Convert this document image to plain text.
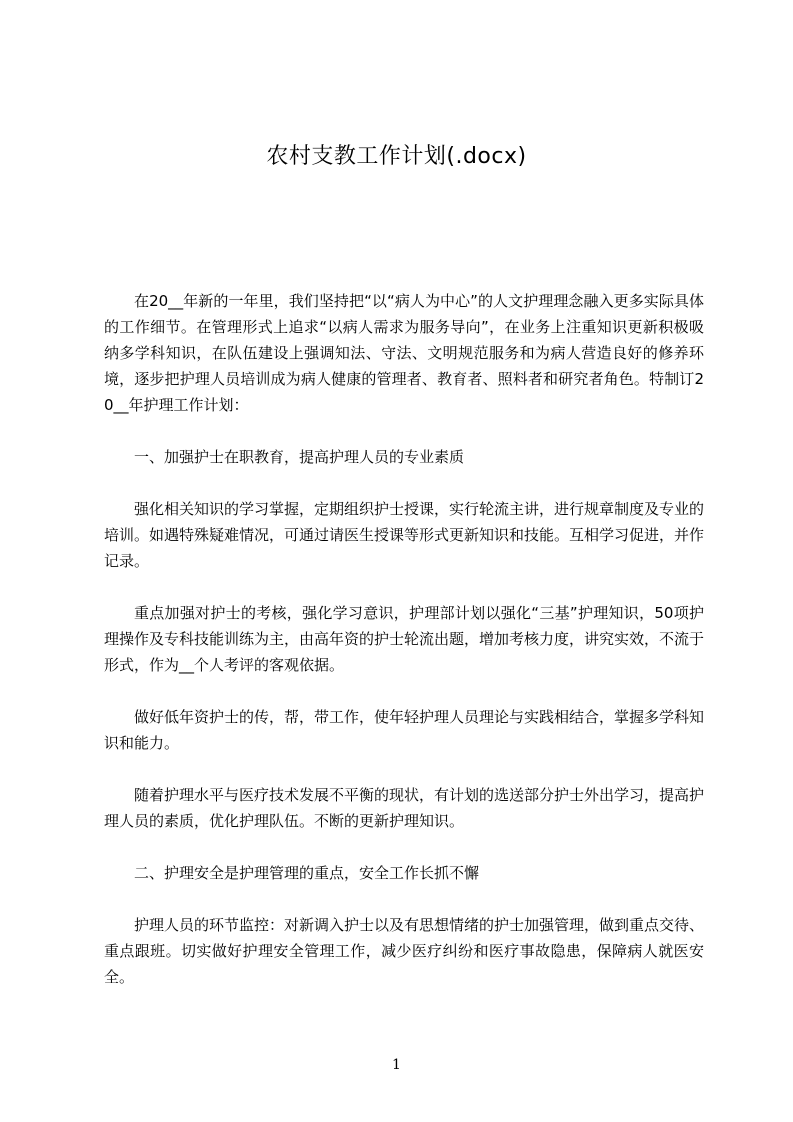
农村支教工作计划(.docx)

在20__年新的一年里，我们坚持把“以“病人为中心”的人文护理理念融入更多实际具体的工作细节。在管理形式上追求“以病人需求为服务导向”，在业务上注重知识更新积极吸纳多学科知识，在队伍建设上强调知法、守法、文明规范服务和为病人营造良好的修养环境，逐步把护理人员培训成为病人健康的管理者、教育者、照料者和研究者角色。特制订20__年护理工作计划：

一、加强护士在职教育，提高护理人员的专业素质

强化相关知识的学习掌握，定期组织护士授课，实行轮流主讲，进行规章制度及专业的培训。如遇特殊疑难情况，可通过请医生授课等形式更新知识和技能。互相学习促进，并作记录。

重点加强对护士的考核，强化学习意识，护理部计划以强化“三基”护理知识，50项护理操作及专科技能训练为主，由高年资的护士轮流出题，增加考核力度，讲究实效，不流于形式，作为__个人考评的客观依据。

做好低年资护士的传，帮，带工作，使年轻护理人员理论与实践相结合，掌握多学科知识和能力。

随着护理水平与医疗技术发展不平衡的现状，有计划的选送部分护士外出学习，提高护理人员的素质，优化护理队伍。不断的更新护理知识。

二、护理安全是护理管理的重点，安全工作长抓不懈

护理人员的环节监控：对新调入护士以及有思想情绪的护士加强管理，做到重点交待、重点跟班。切实做好护理安全管理工作，减少医疗纠纷和医疗事故隐患，保障病人就医安全。

1
